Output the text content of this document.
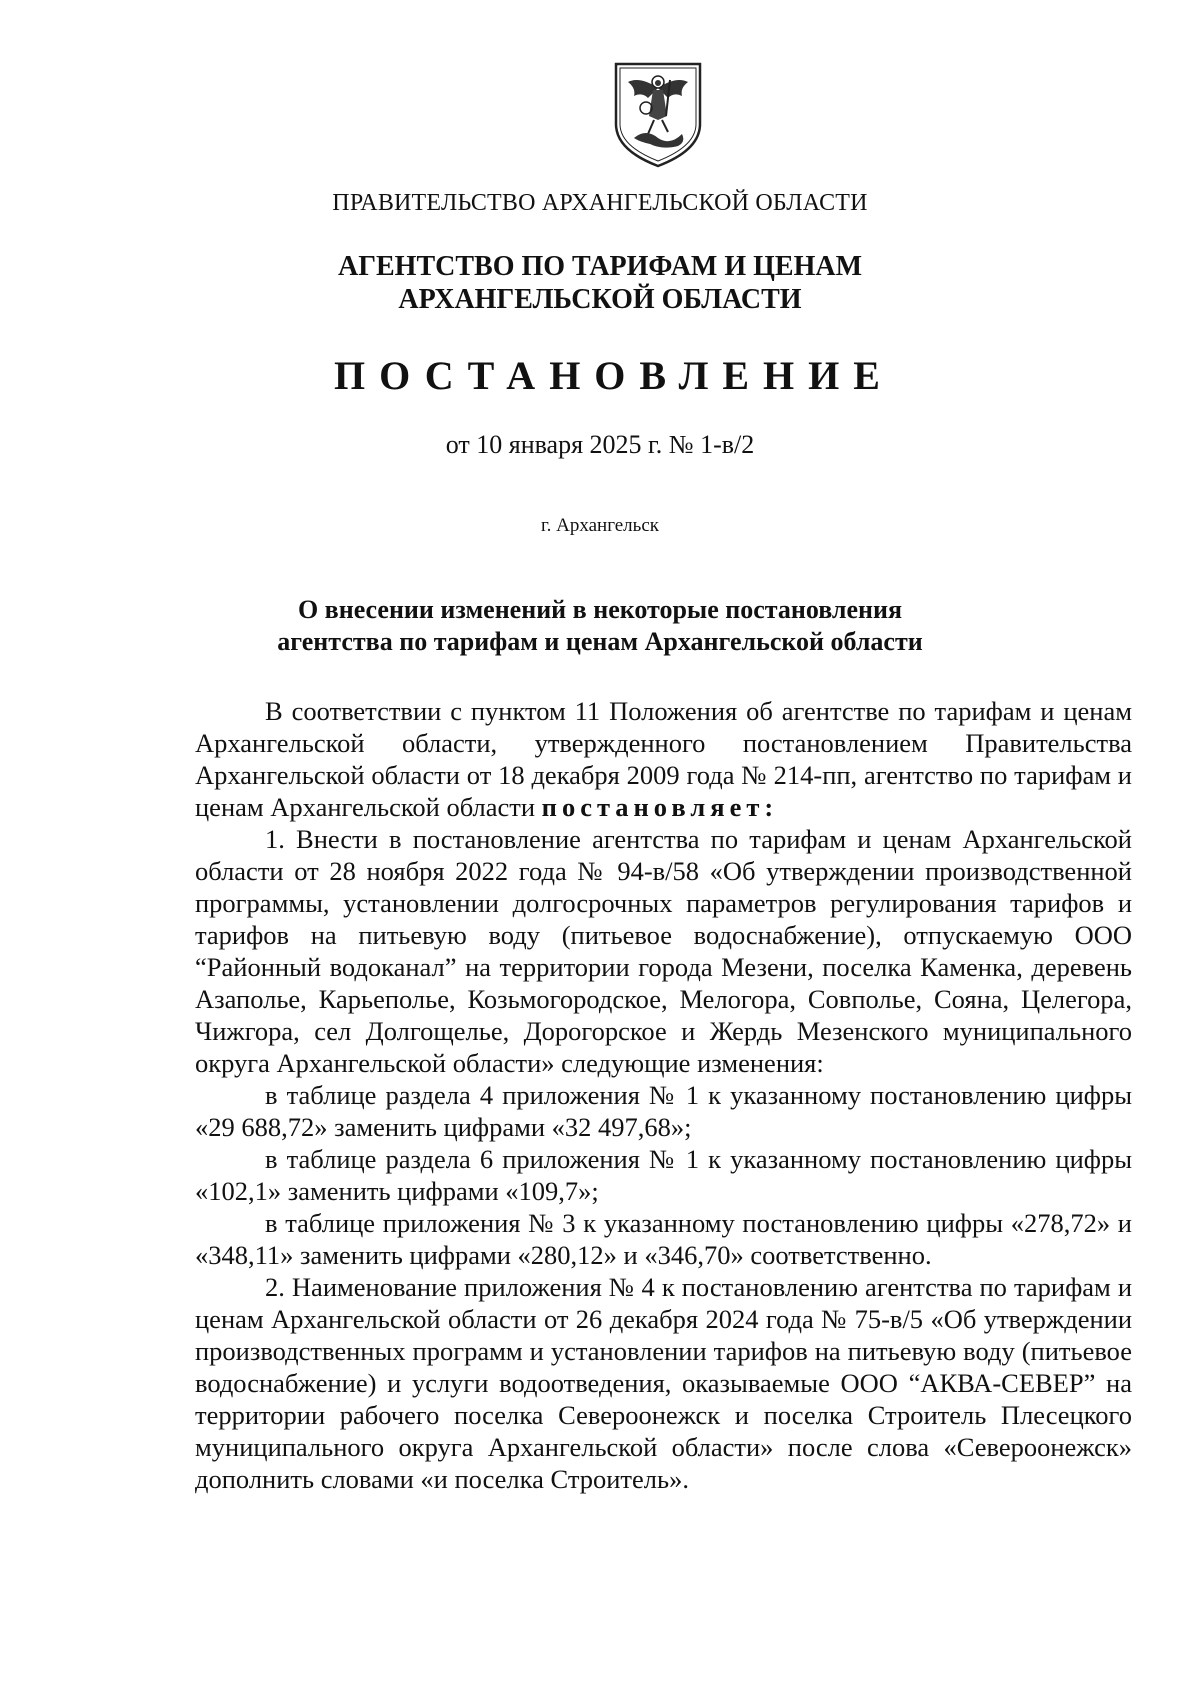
ПРАВИТЕЛЬСТВО АРХАНГЕЛЬСКОЙ ОБЛАСТИ
АГЕНТСТВО ПО ТАРИФАМ И ЦЕНАМ
АРХАНГЕЛЬСКОЙ ОБЛАСТИ
ПОСТАНОВЛЕНИЕ
от 10 января 2025 г. № 1-в/2
г. Архангельск
О внесении изменений в некоторые постановления
агентства по тарифам и ценам Архангельской области

В соответствии с пунктом 11 Положения об агентстве по тарифам и ценам Архангельской области, утвержденного постановлением Правительства Архангельской области от 18 декабря 2009 года № 214-пп, агентство по тарифам и ценам Архангельской области постановляет:

1. Внести в постановление агентства по тарифам и ценам Архангельской области от 28 ноября 2022 года № 94-в/58 «Об утверждении производственной программы, установлении долгосрочных параметров регулирования тарифов и тарифов на питьевую воду (питьевое водоснабжение), отпускаемую ООО “Районный водоканал” на территории города Мезени, поселка Каменка, деревень Азаполье, Карьеполье, Козьмогородское, Мелогора, Совполье, Сояна, Целегора, Чижгора, сел Долгощелье, Дорогорское и Жердь Мезенского муниципального округа Архангельской области» следующие изменения:

в таблице раздела 4 приложения № 1 к указанному постановлению цифры «29 688,72» заменить цифрами «32 497,68»;

в таблице раздела 6 приложения № 1 к указанному постановлению цифры «102,1» заменить цифрами «109,7»;

в таблице приложения № 3 к указанному постановлению цифры «278,72» и «348,11» заменить цифрами «280,12» и «346,70» соответственно.

2. Наименование приложения № 4 к постановлению агентства по тарифам и ценам Архангельской области от 26 декабря 2024 года № 75-в/5 «Об утверждении производственных программ и установлении тарифов на питьевую воду (питьевое водоснабжение) и услуги водоотведения, оказываемые ООО “АКВА-СЕВЕР” на территории рабочего поселка Североонежск и поселка Строитель Плесецкого муниципального округа Архангельской области» после слова «Североонежск» дополнить словами «и поселка Строитель».
